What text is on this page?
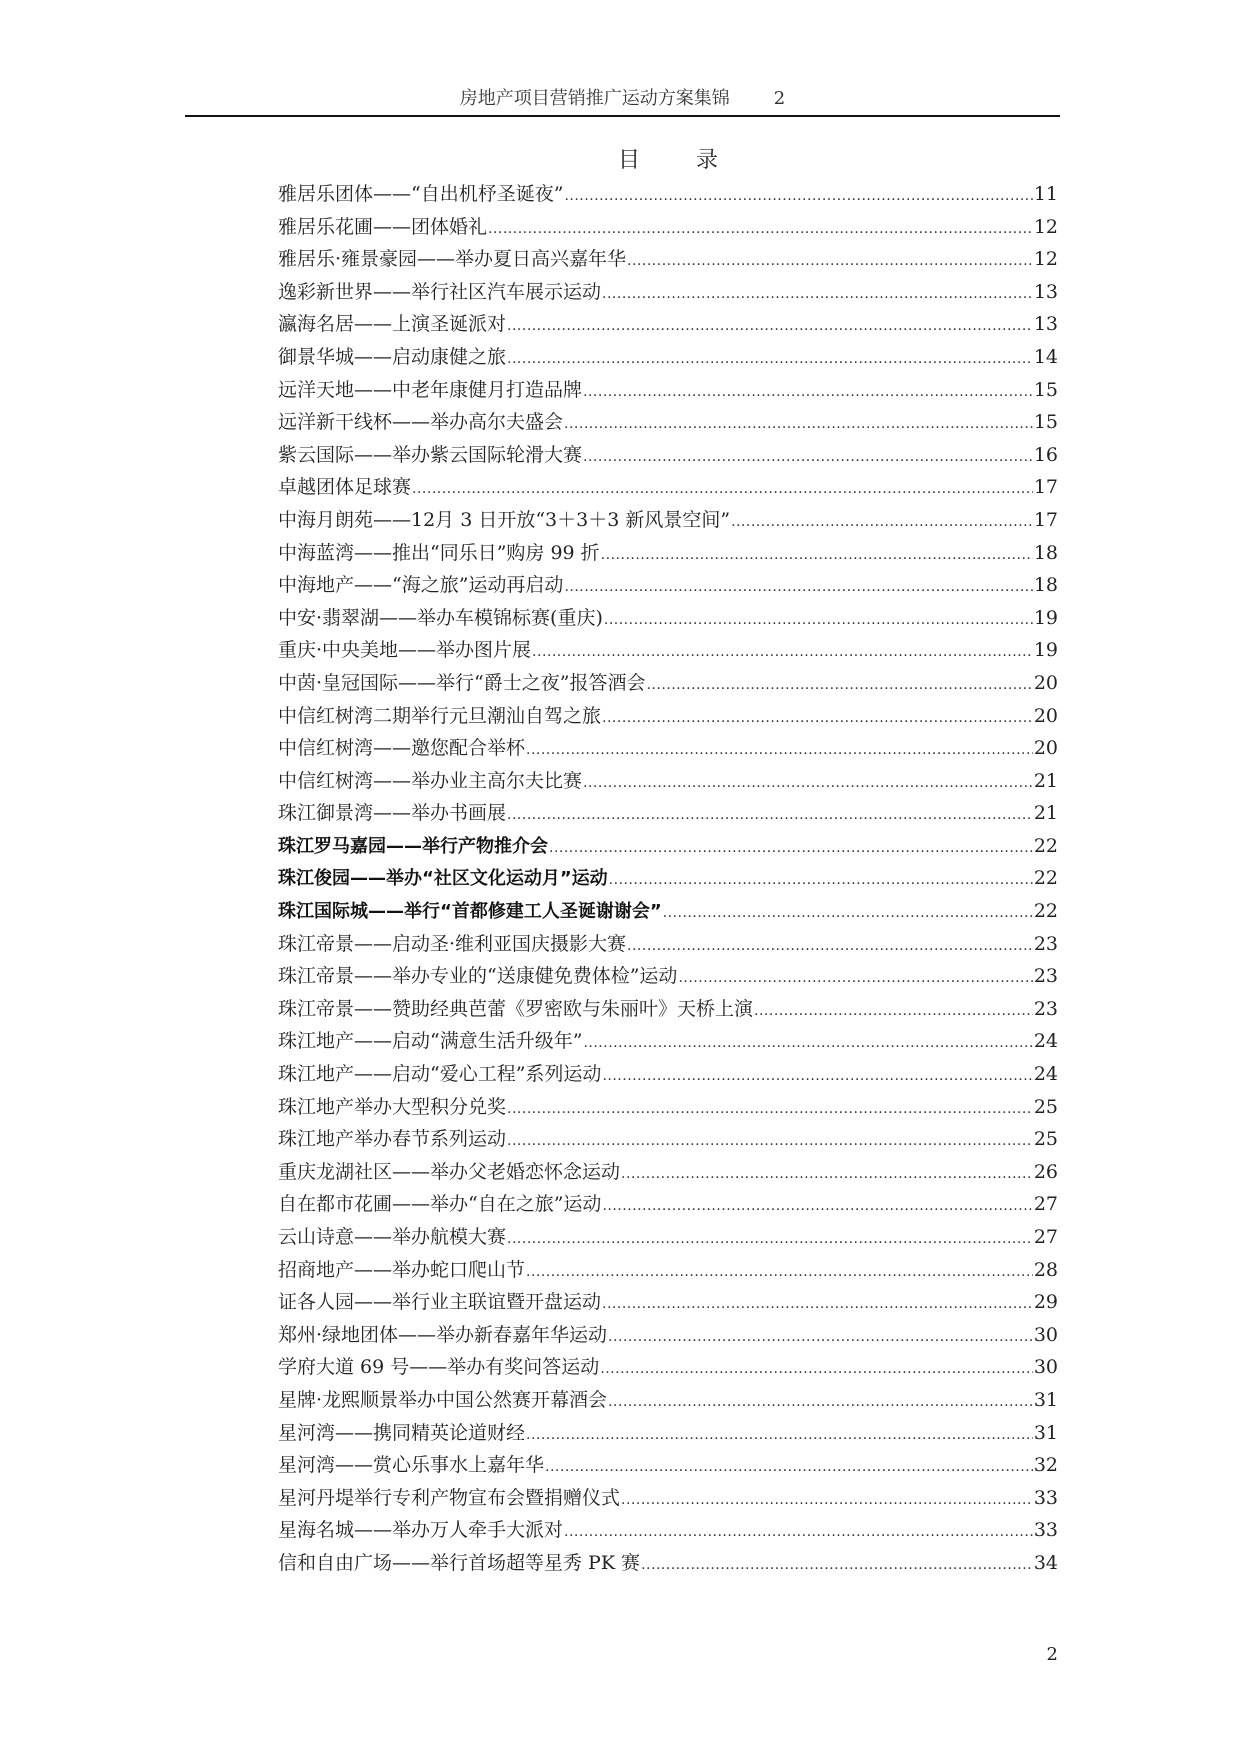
房地产项目营销推广运动方案集锦 2
目录
雅居乐团体——“自出机杼圣诞夜” .....	11
雅居乐花圃——团体婚礼 .....	12
雅居乐·雍景豪园——举办夏日高兴嘉年华 .....	12
逸彩新世界——举行社区汽车展示运动 .....	13
瀛海名居——上演圣诞派对 .....	13
御景华城——启动康健之旅 .....	14
远洋天地——中老年康健月打造品牌 .....	15
远洋新干线杯——举办高尔夫盛会 .....	15
紫云国际——举办紫云国际轮滑大赛 .....	16
卓越团体足球赛 .....	17
中海月朗苑——12月 3 日开放“3＋3＋3 新风景空间” .....	17
中海蓝湾——推出“同乐日”购房 99 折 .....	18
中海地产——“海之旅”运动再启动 .....	18
中安·翡翠湖——举办车模锦标赛(重庆) .....	19
重庆·中央美地——举办图片展 .....	19
中茵·皇冠国际——举行“爵士之夜”报答酒会 .....	20
中信红树湾二期举行元旦潮汕自驾之旅 .....	20
中信红树湾——邀您配合举杯 .....	20
中信红树湾——举办业主高尔夫比赛 .....	21
珠江御景湾——举办书画展 .....	21
珠江罗马嘉园——举行产物推介会 .....	22
珠江俊园——举办“社区文化运动月”运动 .....	22
珠江国际城——举行“首都修建工人圣诞谢谢会” .....	22
珠江帝景——启动圣·维利亚国庆摄影大赛 .....	23
珠江帝景——举办专业的“送康健免费体检”运动 .....	23
珠江帝景——赞助经典芭蕾《罗密欧与朱丽叶》天桥上演 .....	23
珠江地产——启动“满意生活升级年” .....	24
珠江地产——启动“爱心工程”系列运动 .....	24
珠江地产举办大型积分兑奖 .....	25
珠江地产举办春节系列运动 .....	25
重庆龙湖社区——举办父老婚恋怀念运动 .....	26
自在都市花圃——举办“自在之旅”运动 .....	27
云山诗意——举办航模大赛 .....	27
招商地产——举办蛇口爬山节 .....	28
证各人园——举行业主联谊暨开盘运动 .....	29
郑州·绿地团体——举办新春嘉年华运动 .....	30
学府大道 69 号——举办有奖问答运动 .....	30
星牌·龙熙顺景举办中国公然赛开幕酒会 .....	31
星河湾——携同精英论道财经 .....	31
星河湾——赏心乐事水上嘉年华 .....	32
星河丹堤举行专利产物宣布会暨捐赠仪式 .....	33
星海名城——举办万人牵手大派对 .....	33
信和自由广场——举行首场超等星秀 PK 赛 .....	34
2
